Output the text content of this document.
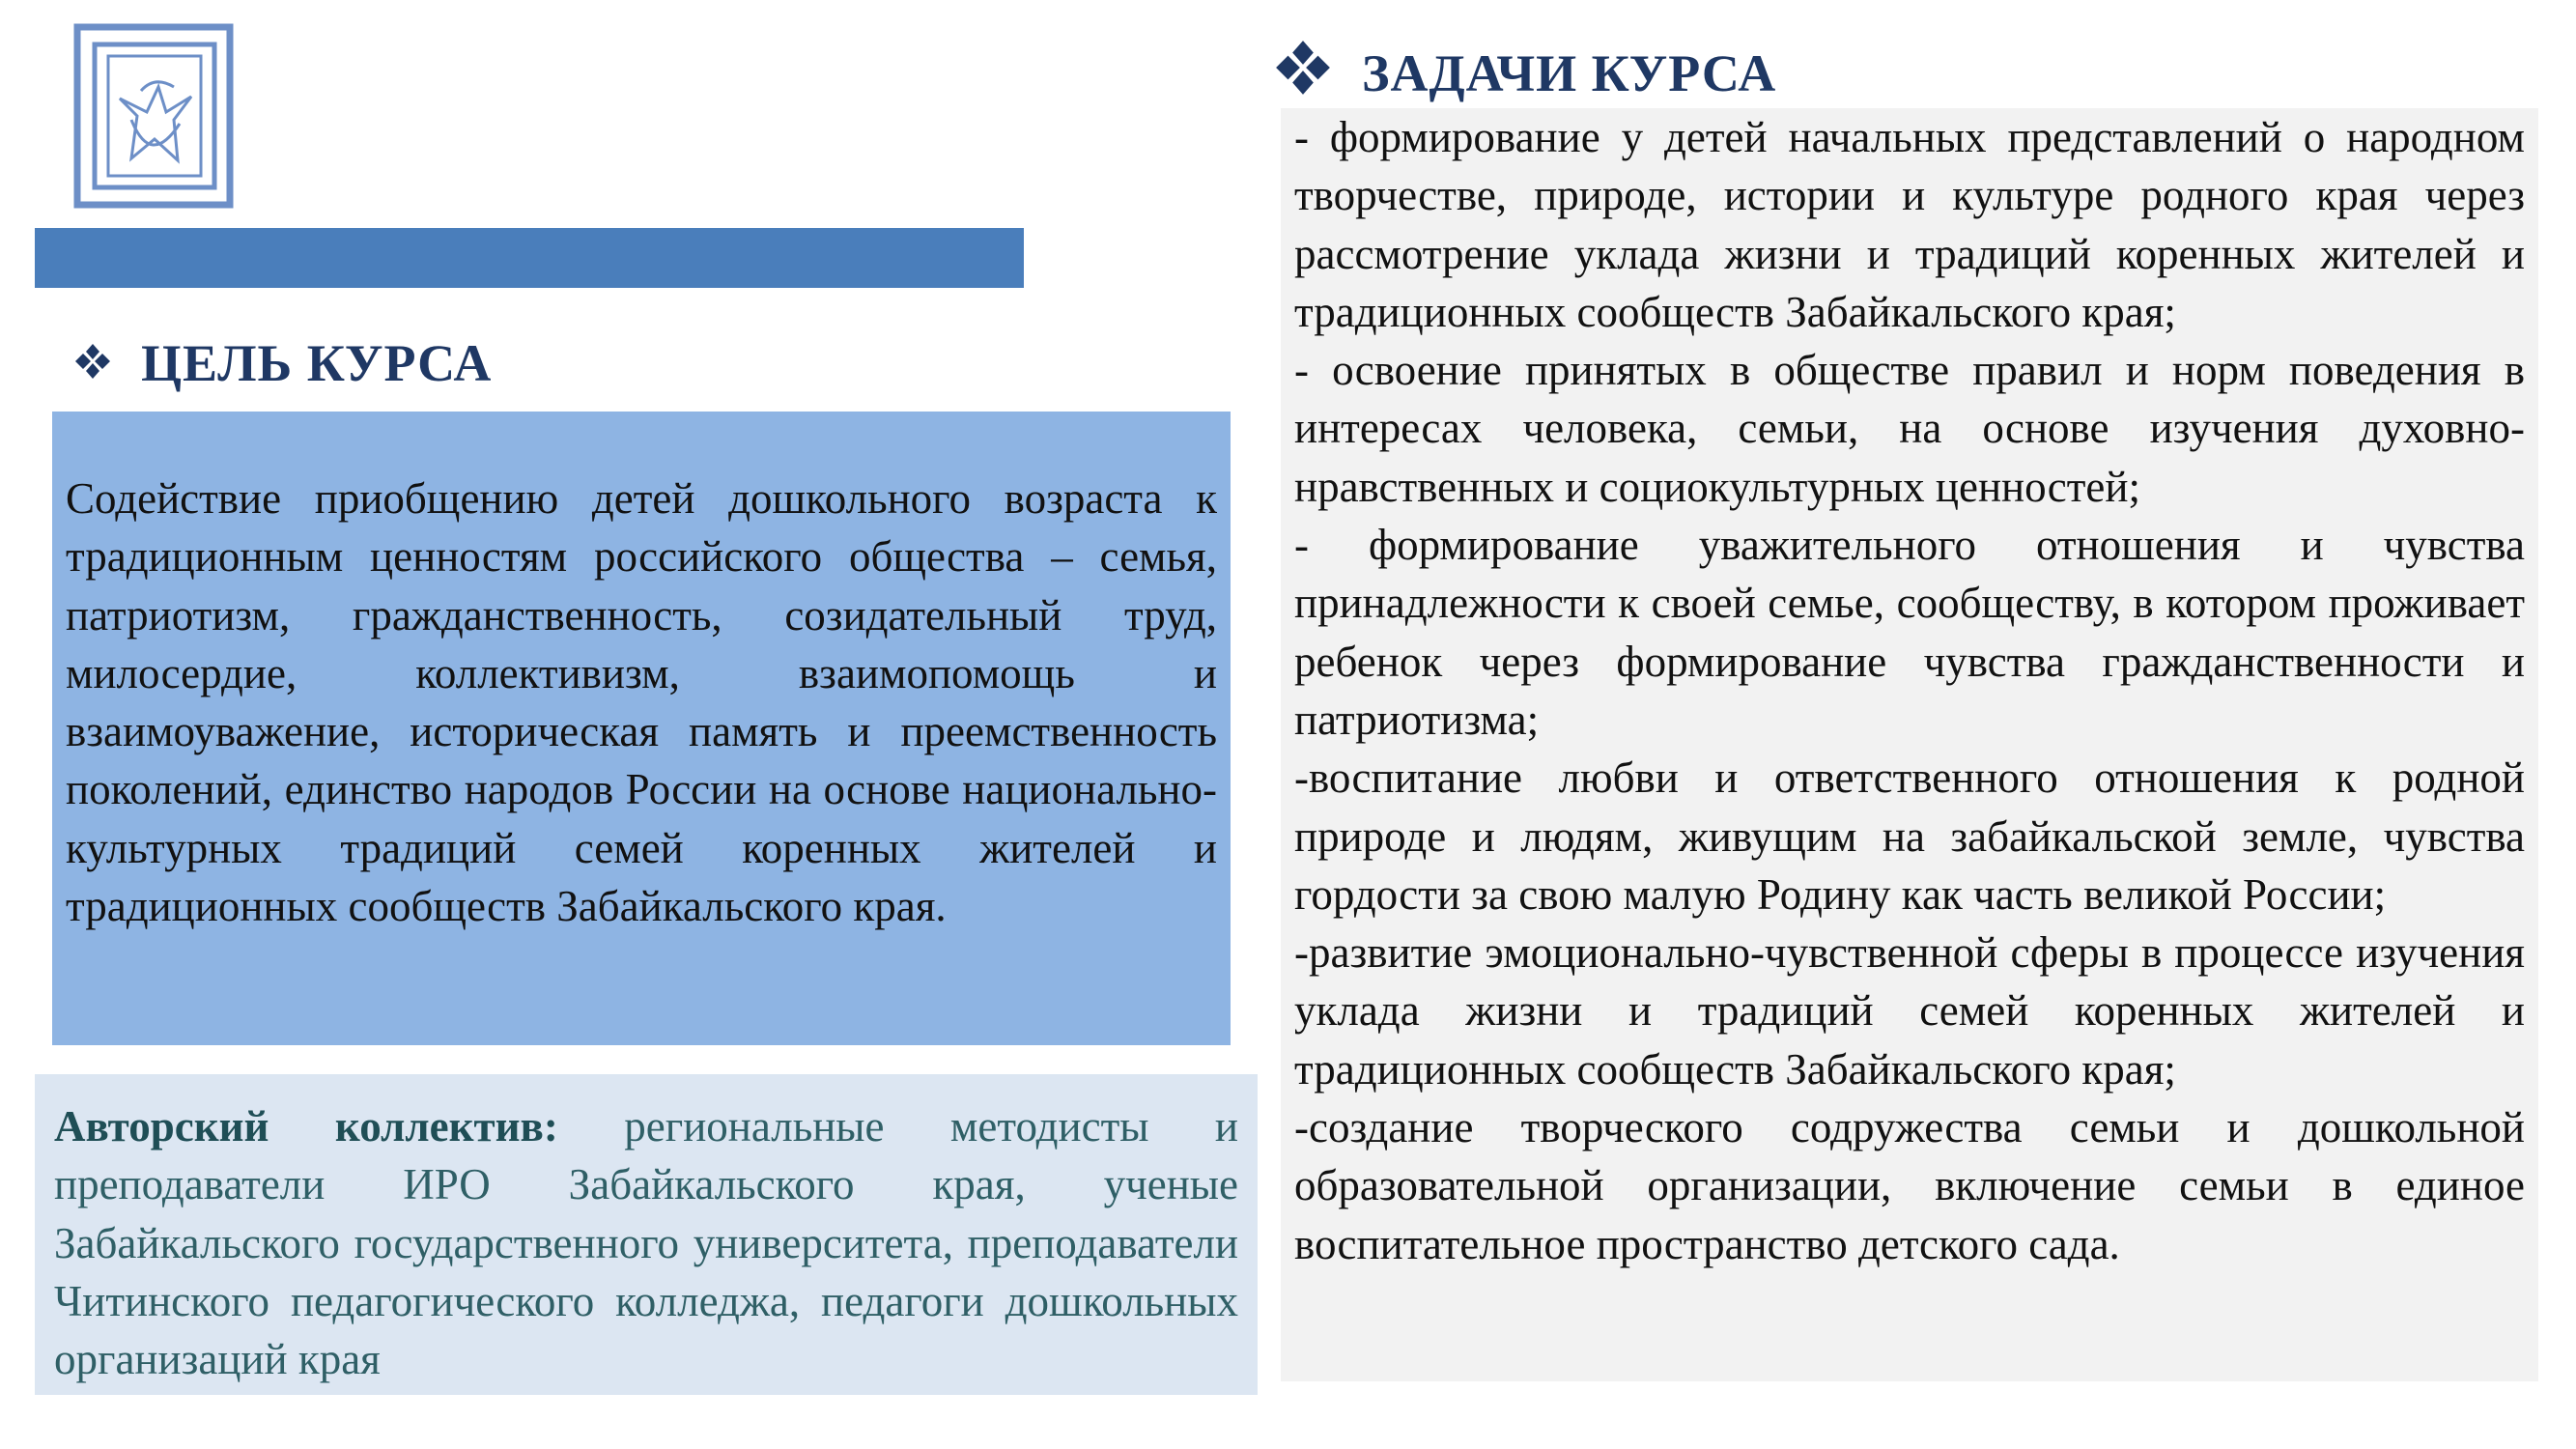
ЦЕЛЬ КУРСА

Содействие приобщению детей дошкольного возраста к традиционным ценностям российского общества – семья, патриотизм, гражданственность, созидательный труд, милосердие, коллективизм, взаимопомощь и взаимоуважение, историческая память и преемственность поколений, единство народов России на основе национально-культурных традиций семей коренных жителей и традиционных сообществ Забайкальского края.

Авторский коллектив: региональные методисты и преподаватели ИРО Забайкальского края, ученые Забайкальского государственного университета, преподаватели Читинского педагогического колледжа, педагоги дошкольных организаций края

ЗАДАЧИ КУРСА

- формирование у детей начальных представлений о народном творчестве, природе, истории и культуре родного края через рассмотрение уклада жизни и традиций коренных жителей и традиционных сообществ Забайкальского края;

- освоение принятых в обществе правил и норм поведения в интересах человека, семьи, на основе изучения духовно-нравственных и социокультурных ценностей;

- формирование уважительного отношения и чувства принадлежности к своей семье, сообществу, в котором проживает ребенок через формирование чувства гражданственности и патриотизма;

-воспитание любви и ответственного отношения к родной природе и людям, живущим на забайкальской земле, чувства гордости за свою малую Родину как часть великой России;

-развитие эмоционально-чувственной сферы в процессе изучения уклада жизни и традиций семей коренных жителей и традиционных сообществ Забайкальского края;

-создание творческого содружества семьи и дошкольной образовательной организации, включение семьи в единое воспитательное пространство детского сада.
